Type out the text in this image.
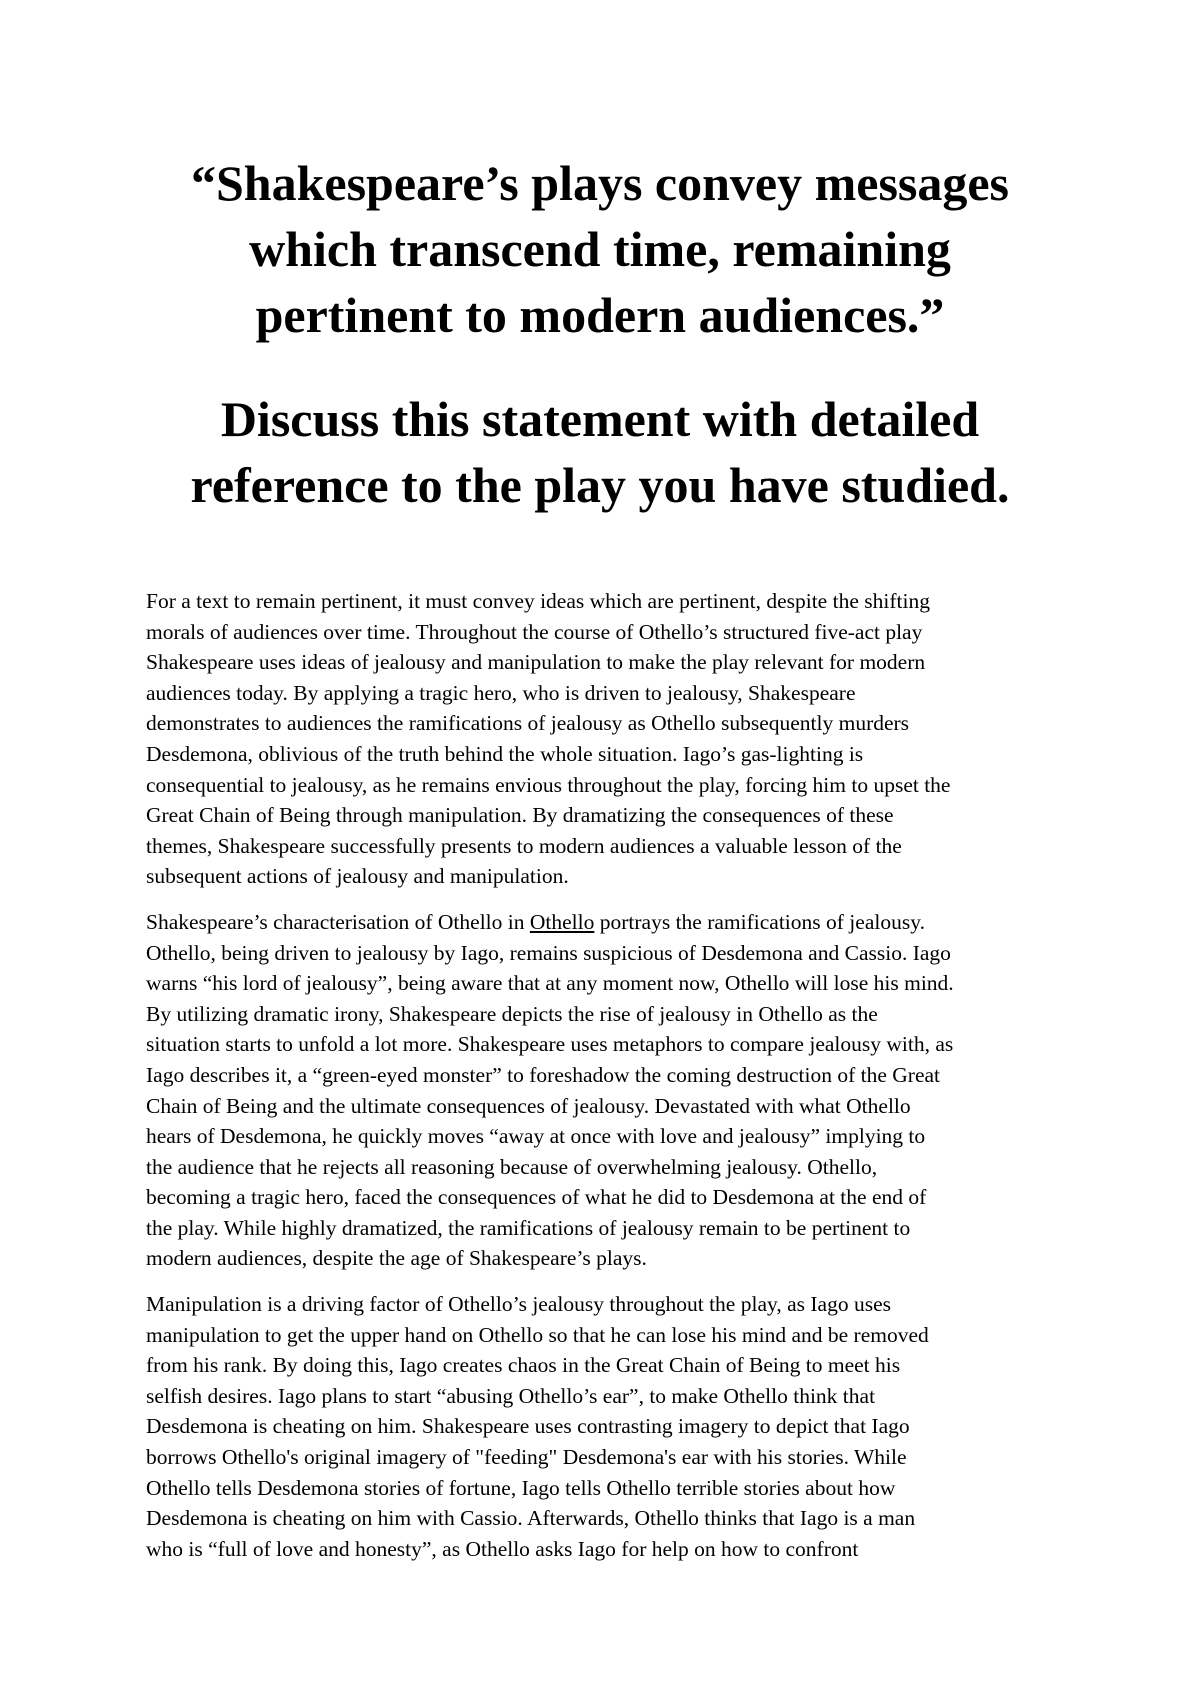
“Shakespeare’s plays convey messages
which transcend time, remaining
pertinent to modern audiences.”
Discuss this statement with detailed
reference to the play you have studied.

For a text to remain pertinent, it must convey ideas which are pertinent, despite the shifting
morals of audiences over time. Throughout the course of Othello’s structured five-act play
Shakespeare uses ideas of jealousy and manipulation to make the play relevant for modern
audiences today. By applying a tragic hero, who is driven to jealousy, Shakespeare
demonstrates to audiences the ramifications of jealousy as Othello subsequently murders
Desdemona, oblivious of the truth behind the whole situation. Iago’s gas-lighting is
consequential to jealousy, as he remains envious throughout the play, forcing him to upset the
Great Chain of Being through manipulation. By dramatizing the consequences of these
themes, Shakespeare successfully presents to modern audiences a valuable lesson of the
subsequent actions of jealousy and manipulation.

Shakespeare’s characterisation of Othello in Othello portrays the ramifications of jealousy.
Othello, being driven to jealousy by Iago, remains suspicious of Desdemona and Cassio. Iago
warns “his lord of jealousy”, being aware that at any moment now, Othello will lose his mind.
By utilizing dramatic irony, Shakespeare depicts the rise of jealousy in Othello as the
situation starts to unfold a lot more. Shakespeare uses metaphors to compare jealousy with, as
Iago describes it, a “green-eyed monster” to foreshadow the coming destruction of the Great
Chain of Being and the ultimate consequences of jealousy. Devastated with what Othello
hears of Desdemona, he quickly moves “away at once with love and jealousy” implying to
the audience that he rejects all reasoning because of overwhelming jealousy. Othello,
becoming a tragic hero, faced the consequences of what he did to Desdemona at the end of
the play. While highly dramatized, the ramifications of jealousy remain to be pertinent to
modern audiences, despite the age of Shakespeare’s plays.

Manipulation is a driving factor of Othello’s jealousy throughout the play, as Iago uses
manipulation to get the upper hand on Othello so that he can lose his mind and be removed
from his rank. By doing this, Iago creates chaos in the Great Chain of Being to meet his
selfish desires. Iago plans to start “abusing Othello’s ear”, to make Othello think that
Desdemona is cheating on him. Shakespeare uses contrasting imagery to depict that Iago
borrows Othello's original imagery of "feeding" Desdemona's ear with his stories. While
Othello tells Desdemona stories of fortune, Iago tells Othello terrible stories about how
Desdemona is cheating on him with Cassio. Afterwards, Othello thinks that Iago is a man
who is “full of love and honesty”, as Othello asks Iago for help on how to confront
